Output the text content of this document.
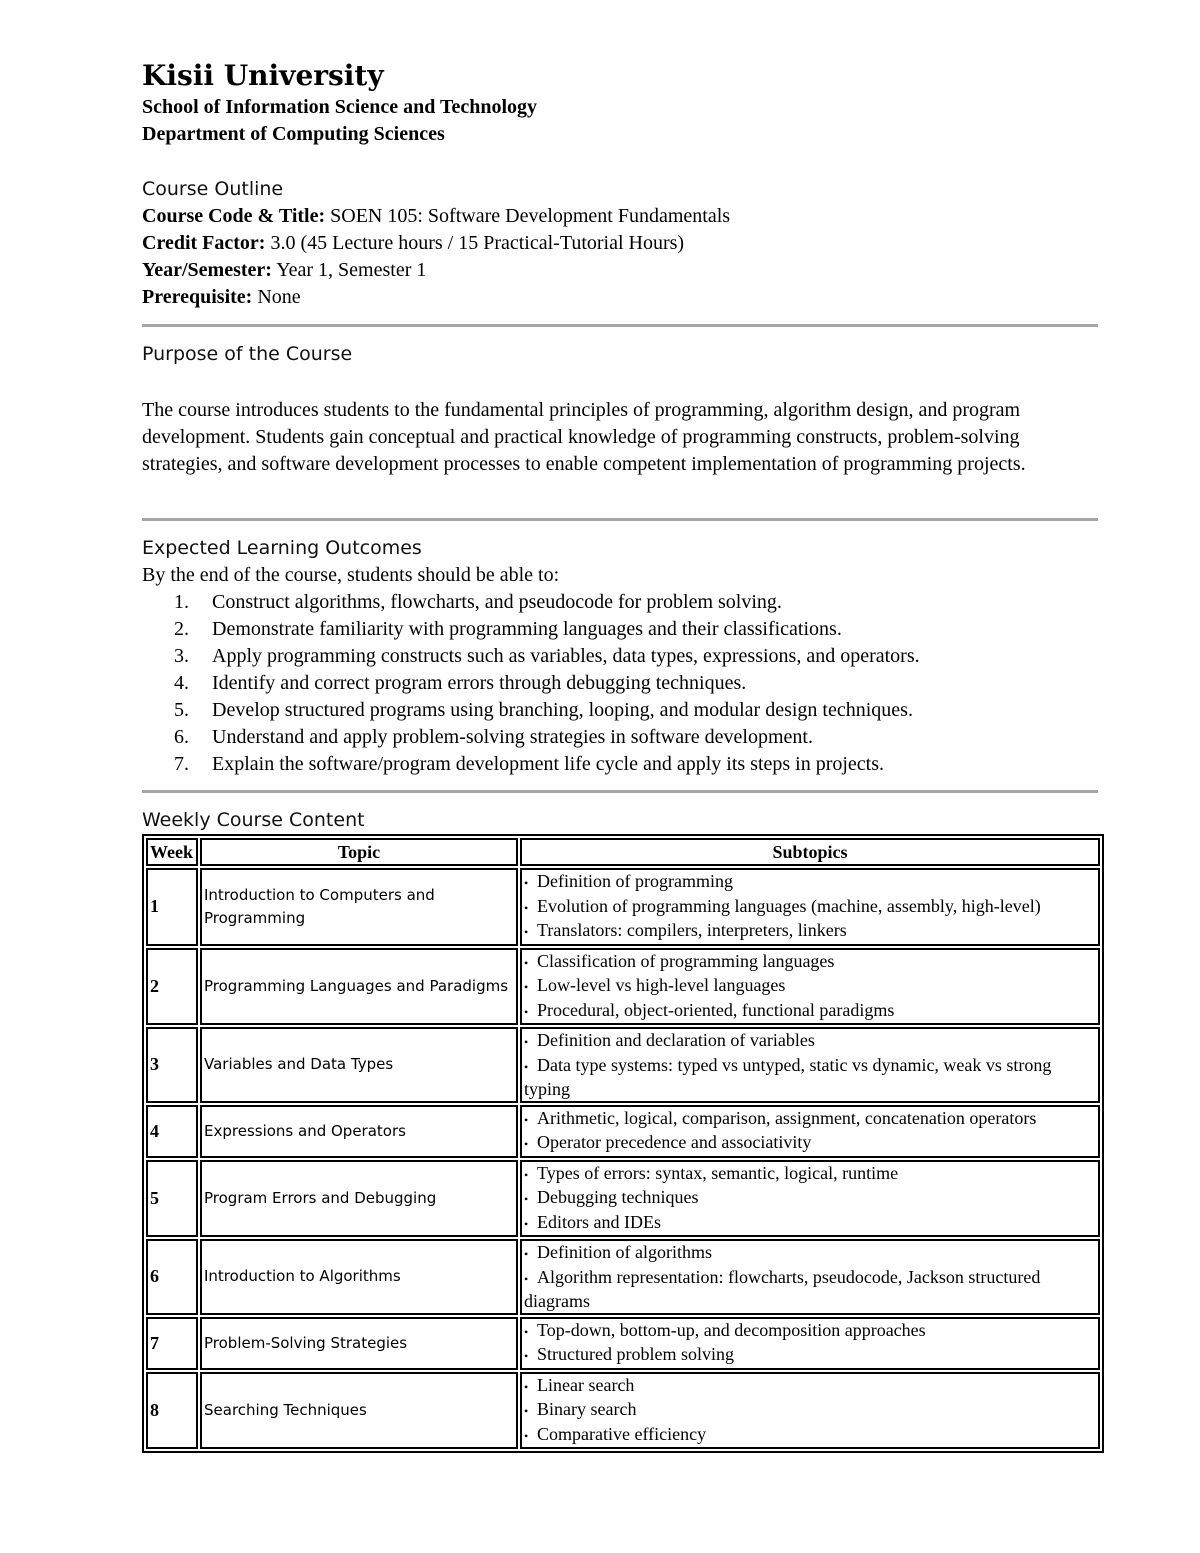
Kisii University
School of Information Science and Technology
Department of Computing Sciences
Course Outline
Course Code & Title: SOEN 105: Software Development Fundamentals
Credit Factor: 3.0 (45 Lecture hours / 15 Practical-Tutorial Hours)
Year/Semester: Year 1, Semester 1
Prerequisite: None
Purpose of the Course
The course introduces students to the fundamental principles of programming, algorithm design, and program development. Students gain conceptual and practical knowledge of programming constructs, problem-solving strategies, and software development processes to enable competent implementation of programming projects.
Expected Learning Outcomes
By the end of the course, students should be able to:
1. Construct algorithms, flowcharts, and pseudocode for problem solving.
2. Demonstrate familiarity with programming languages and their classifications.
3. Apply programming constructs such as variables, data types, expressions, and operators.
4. Identify and correct program errors through debugging techniques.
5. Develop structured programs using branching, looping, and modular design techniques.
6. Understand and apply problem-solving strategies in software development.
7. Explain the software/program development life cycle and apply its steps in projects.
Weekly Course Content
Week	Topic	Subtopics
1	Introduction to Computers and Programming	• Definition of programming
• Evolution of programming languages (machine, assembly, high-level)
• Translators: compilers, interpreters, linkers

2	Programming Languages and Paradigms	• Classification of programming languages
• Low-level vs high-level languages
• Procedural, object-oriented, functional paradigms

3	Variables and Data Types	• Definition and declaration of variables
• Data type systems: typed vs untyped, static vs dynamic, weak vs strong typing

4	Expressions and Operators	• Arithmetic, logical, comparison, assignment, concatenation operators
• Operator precedence and associativity

5	Program Errors and Debugging	• Types of errors: syntax, semantic, logical, runtime
• Debugging techniques
• Editors and IDEs

6	Introduction to Algorithms	• Definition of algorithms
• Algorithm representation: flowcharts, pseudocode, Jackson structured diagrams

7	Problem-Solving Strategies	• Top-down, bottom-up, and decomposition approaches
• Structured problem solving

8	Searching Techniques	• Linear search
• Binary search
• Comparative efficiency
